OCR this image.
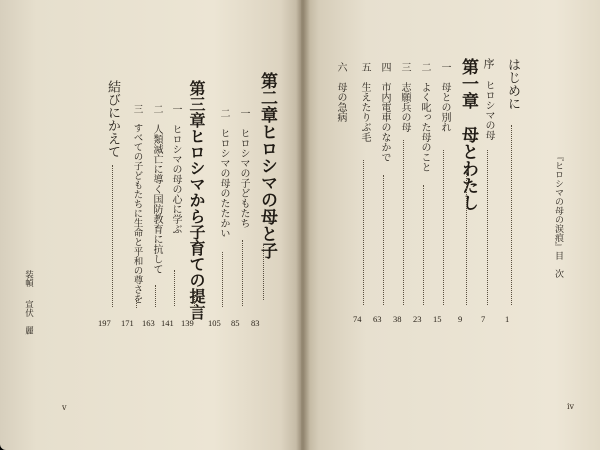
第二章ヒロシマの母と子
83
一　ヒロシマの子どもたち
85
二　ヒロシマの母のたたかい
105
第三章ヒロシマから子育ての提言
139
一　ヒロシマの母の心に学ぶ
141
二　人類滅亡に導く国防教育に抗して
163
三　すべての子どもたちに生命と平和の尊さを
171
結びにかえて
197
装幀
宣伏
麗
v
『ヒロシマの母の涙痕』目　次
はじめに
1
序
ヒロシマの母
7
第一章　母とわたし
9
一　母との別れ
15
二　よく叱った母のこと
23
三　志願兵の母
38
四　市内電車のなかで
63
五　生えたりぶ毛
74
六　母の急病
iv
